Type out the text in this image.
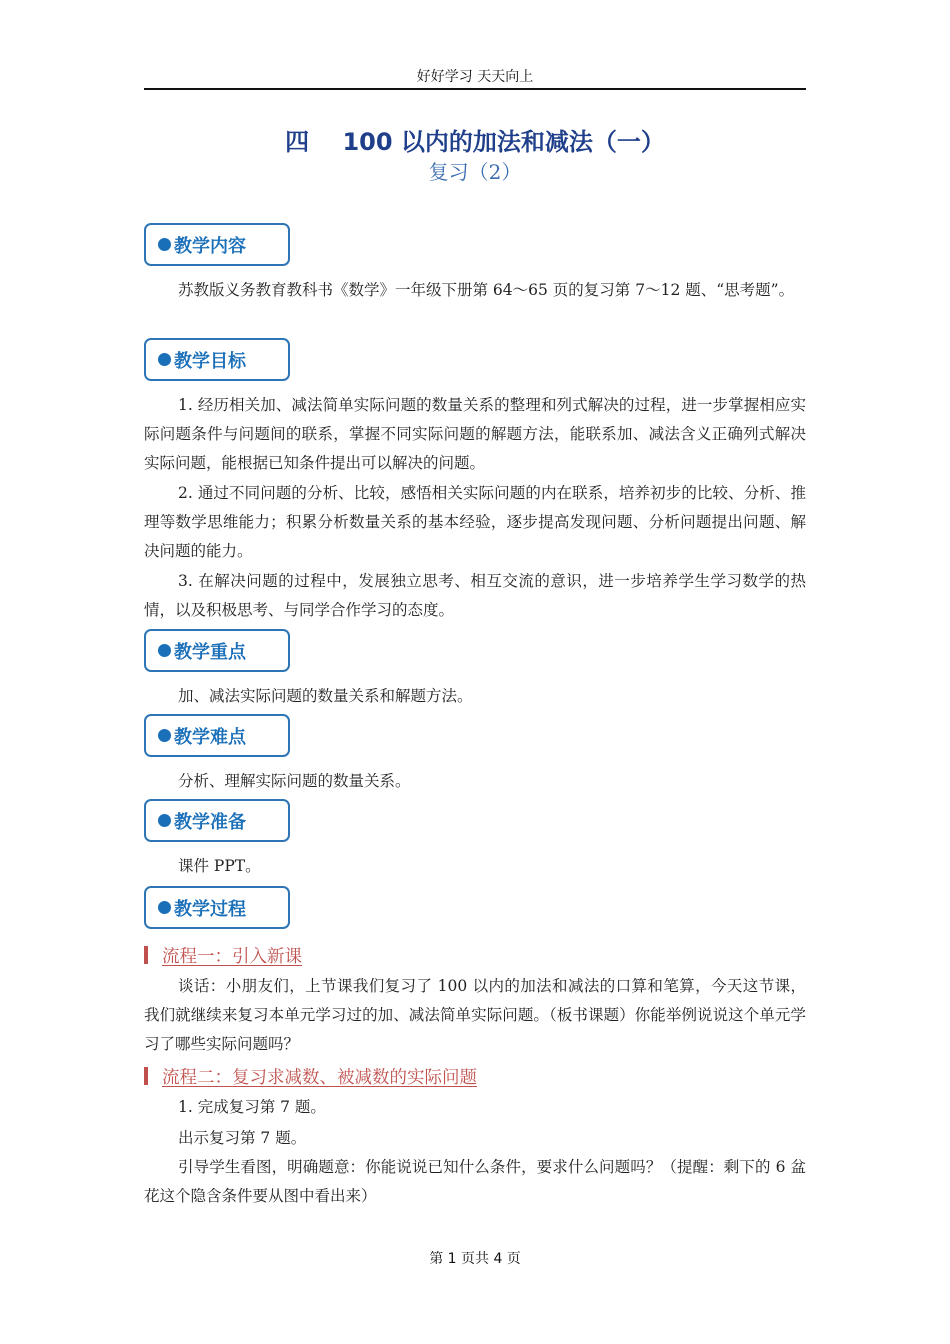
好好学习 天天向上
四    100 以内的加法和减法（一）
复习（2）
教学内容

苏教版义务教育教科书《数学》一年级下册第 64～65 页的复习第 7～12 题、“思考题”。

教学目标

1. 经历相关加、减法简单实际问题的数量关系的整理和列式解决的过程，进一步掌握相应实际问题条件与问题间的联系，掌握不同实际问题的解题方法，能联系加、减法含义正确列式解决实际问题，能根据已知条件提出可以解决的问题。

2. 通过不同问题的分析、比较，感悟相关实际问题的内在联系，培养初步的比较、分析、推理等数学思维能力；积累分析数量关系的基本经验，逐步提高发现问题、分析问题提出问题、解决问题的能力。

3. 在解决问题的过程中，发展独立思考、相互交流的意识，进一步培养学生学习数学的热情，以及积极思考、与同学合作学习的态度。

教学重点

加、减法实际问题的数量关系和解题方法。

教学难点

分析、理解实际问题的数量关系。

教学准备

课件 PPT。

教学过程
流程一：引入新课

谈话：小朋友们，上节课我们复习了 100 以内的加法和减法的口算和笔算，今天这节课，我们就继续来复习本单元学习过的加、减法简单实际问题。（板书课题）你能举例说说这个单元学习了哪些实际问题吗？

流程二：复习求减数、被减数的实际问题

1. 完成复习第 7 题。

出示复习第 7 题。

引导学生看图，明确题意：你能说说已知什么条件，要求什么问题吗？（提醒：剩下的 6 盆花这个隐含条件要从图中看出来）

第 1 页共 4 页
